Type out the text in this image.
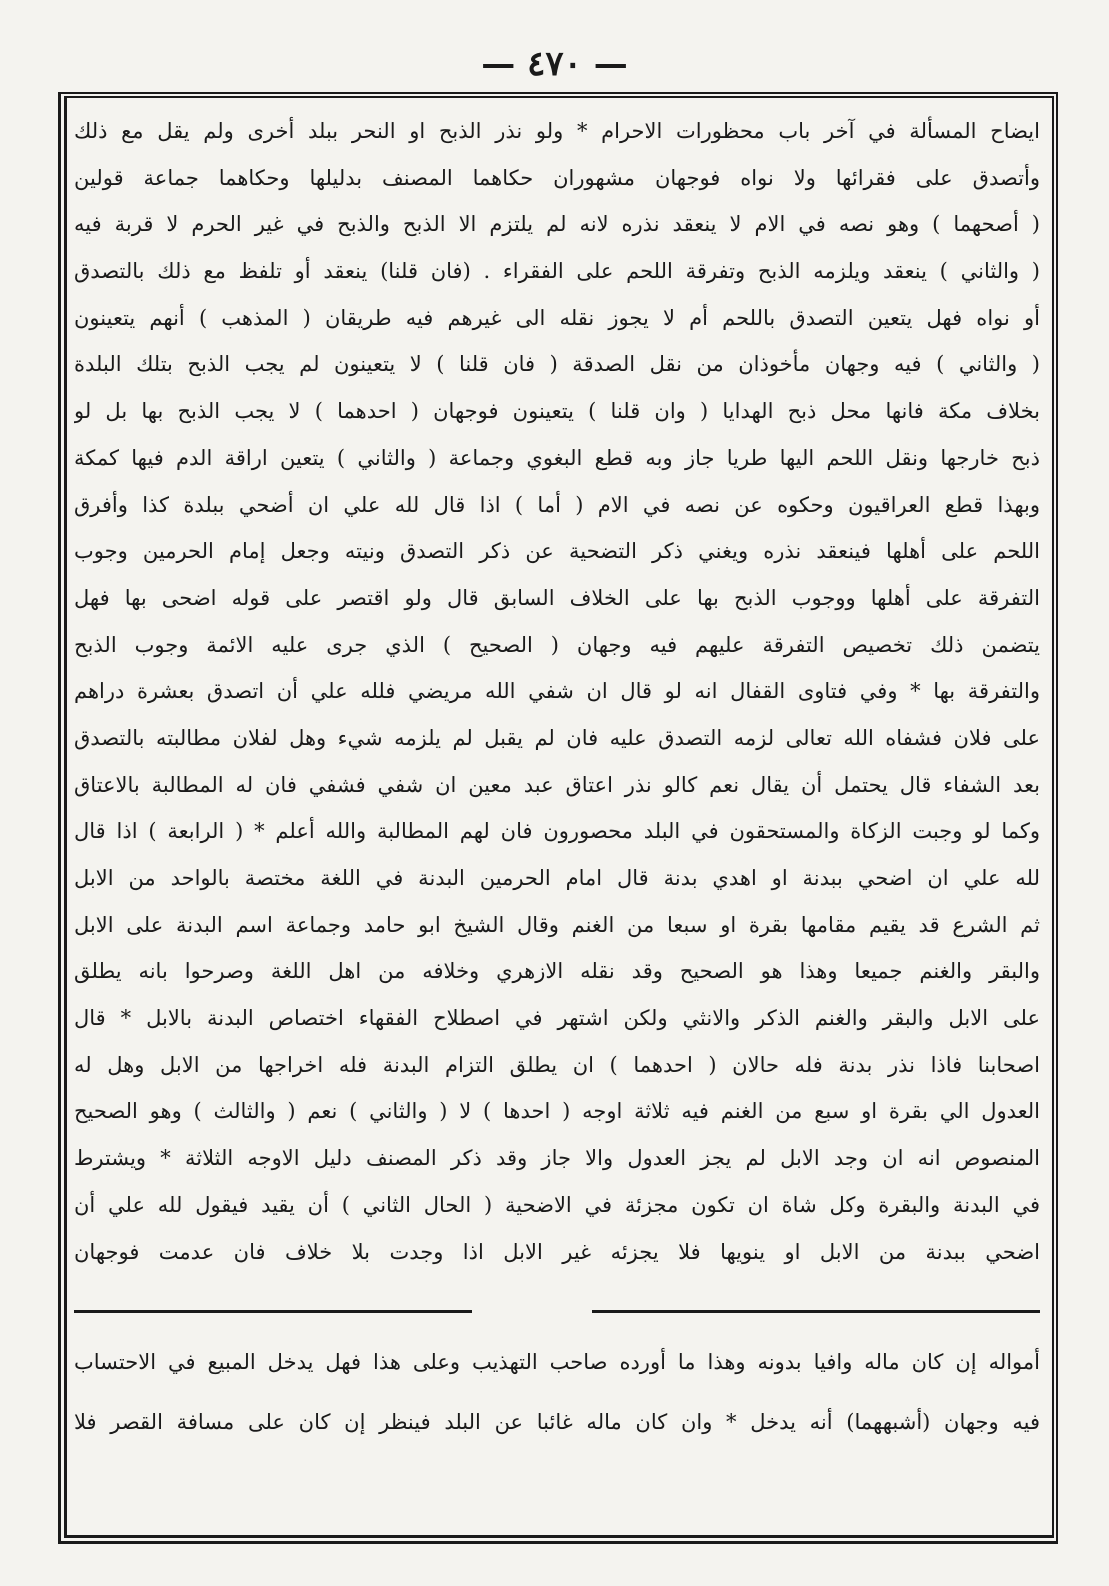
— ٤٧٠ —
ايضاح المسألة في آخر باب محظورات الاحرام * ولو نذر الذبح او النحر ببلد أخرى ولم يقل مع ذلك
وأتصدق على فقرائها ولا نواه فوجهان مشهوران حكاهما المصنف بدليلها وحكاهما جماعة قولين
( أصحهما ) وهو نصه في الام لا ينعقد نذره لانه لم يلتزم الا الذبح والذبح في غير الحرم لا قربة فيه
( والثاني ) ينعقد ويلزمه الذبح وتفرقة اللحم على الفقراء . (فان قلنا) ينعقد أو تلفظ مع ذلك بالتصدق
أو نواه فهل يتعين التصدق باللحم أم لا يجوز نقله الى غيرهم فيه طريقان ( المذهب ) أنهم يتعينون
( والثاني ) فيه وجهان مأخوذان من نقل الصدقة ( فان قلنا ) لا يتعينون لم يجب الذبح بتلك البلدة
بخلاف مكة فانها محل ذبح الهدايا ( وان قلنا ) يتعينون فوجهان ( احدهما ) لا يجب الذبح بها بل لو
ذبح خارجها ونقل اللحم اليها طريا جاز وبه قطع البغوي وجماعة ( والثاني ) يتعين اراقة الدم فيها كمكة
وبهذا قطع العراقيون وحكوه عن نصه في الام ( أما ) اذا قال لله علي ان أضحي ببلدة كذا وأفرق
اللحم على أهلها فينعقد نذره ويغني ذكر التضحية عن ذكر التصدق ونيته وجعل إمام الحرمين وجوب
التفرقة على أهلها ووجوب الذبح بها على الخلاف السابق قال ولو اقتصر على قوله اضحى بها فهل
يتضمن ذلك تخصيص التفرقة عليهم فيه وجهان ( الصحيح ) الذي جرى عليه الائمة وجوب الذبح
والتفرقة بها * وفي فتاوى القفال انه لو قال ان شفي الله مريضي فلله علي أن اتصدق بعشرة دراهم
على فلان فشفاه الله تعالى لزمه التصدق عليه فان لم يقبل لم يلزمه شيء وهل لفلان مطالبته بالتصدق
بعد الشفاء قال يحتمل أن يقال نعم كالو نذر اعتاق عبد معين ان شفي فشفي فان له المطالبة بالاعتاق
وكما لو وجبت الزكاة والمستحقون في البلد محصورون فان لهم المطالبة والله أعلم * ( الرابعة ) اذا قال
لله علي ان اضحي ببدنة او اهدي بدنة قال امام الحرمين البدنة في اللغة مختصة بالواحد من الابل
ثم الشرع قد يقيم مقامها بقرة او سبعا من الغنم وقال الشيخ ابو حامد وجماعة اسم البدنة على الابل
والبقر والغنم جميعا وهذا هو الصحيح وقد نقله الازهري وخلافه من اهل اللغة وصرحوا بانه يطلق
على الابل والبقر والغنم الذكر والانثي ولكن اشتهر في اصطلاح الفقهاء اختصاص البدنة بالابل * قال
اصحابنا فاذا نذر بدنة فله حالان ( احدهما ) ان يطلق التزام البدنة فله اخراجها من الابل وهل له
العدول الي بقرة او سبع من الغنم فيه ثلاثة اوجه ( احدها ) لا ( والثاني ) نعم ( والثالث ) وهو الصحيح
المنصوص انه ان وجد الابل لم يجز العدول والا جاز وقد ذكر المصنف دليل الاوجه الثلاثة * ويشترط
في البدنة والبقرة وكل شاة ان تكون مجزئة في الاضحية ( الحال الثاني ) أن يقيد فيقول لله علي أن
اضحي ببدنة من الابل او ينويها فلا يجزئه غير الابل اذا وجدت بلا خلاف فان عدمت فوجهان
أمواله إن كان ماله وافيا بدونه وهذا ما أورده صاحب التهذيب وعلى هذا فهل يدخل المبيع في الاحتساب
فيه وجهان (أشبههما) أنه يدخل * وان كان ماله غائبا عن البلد فينظر إن كان على مسافة القصر فلا
